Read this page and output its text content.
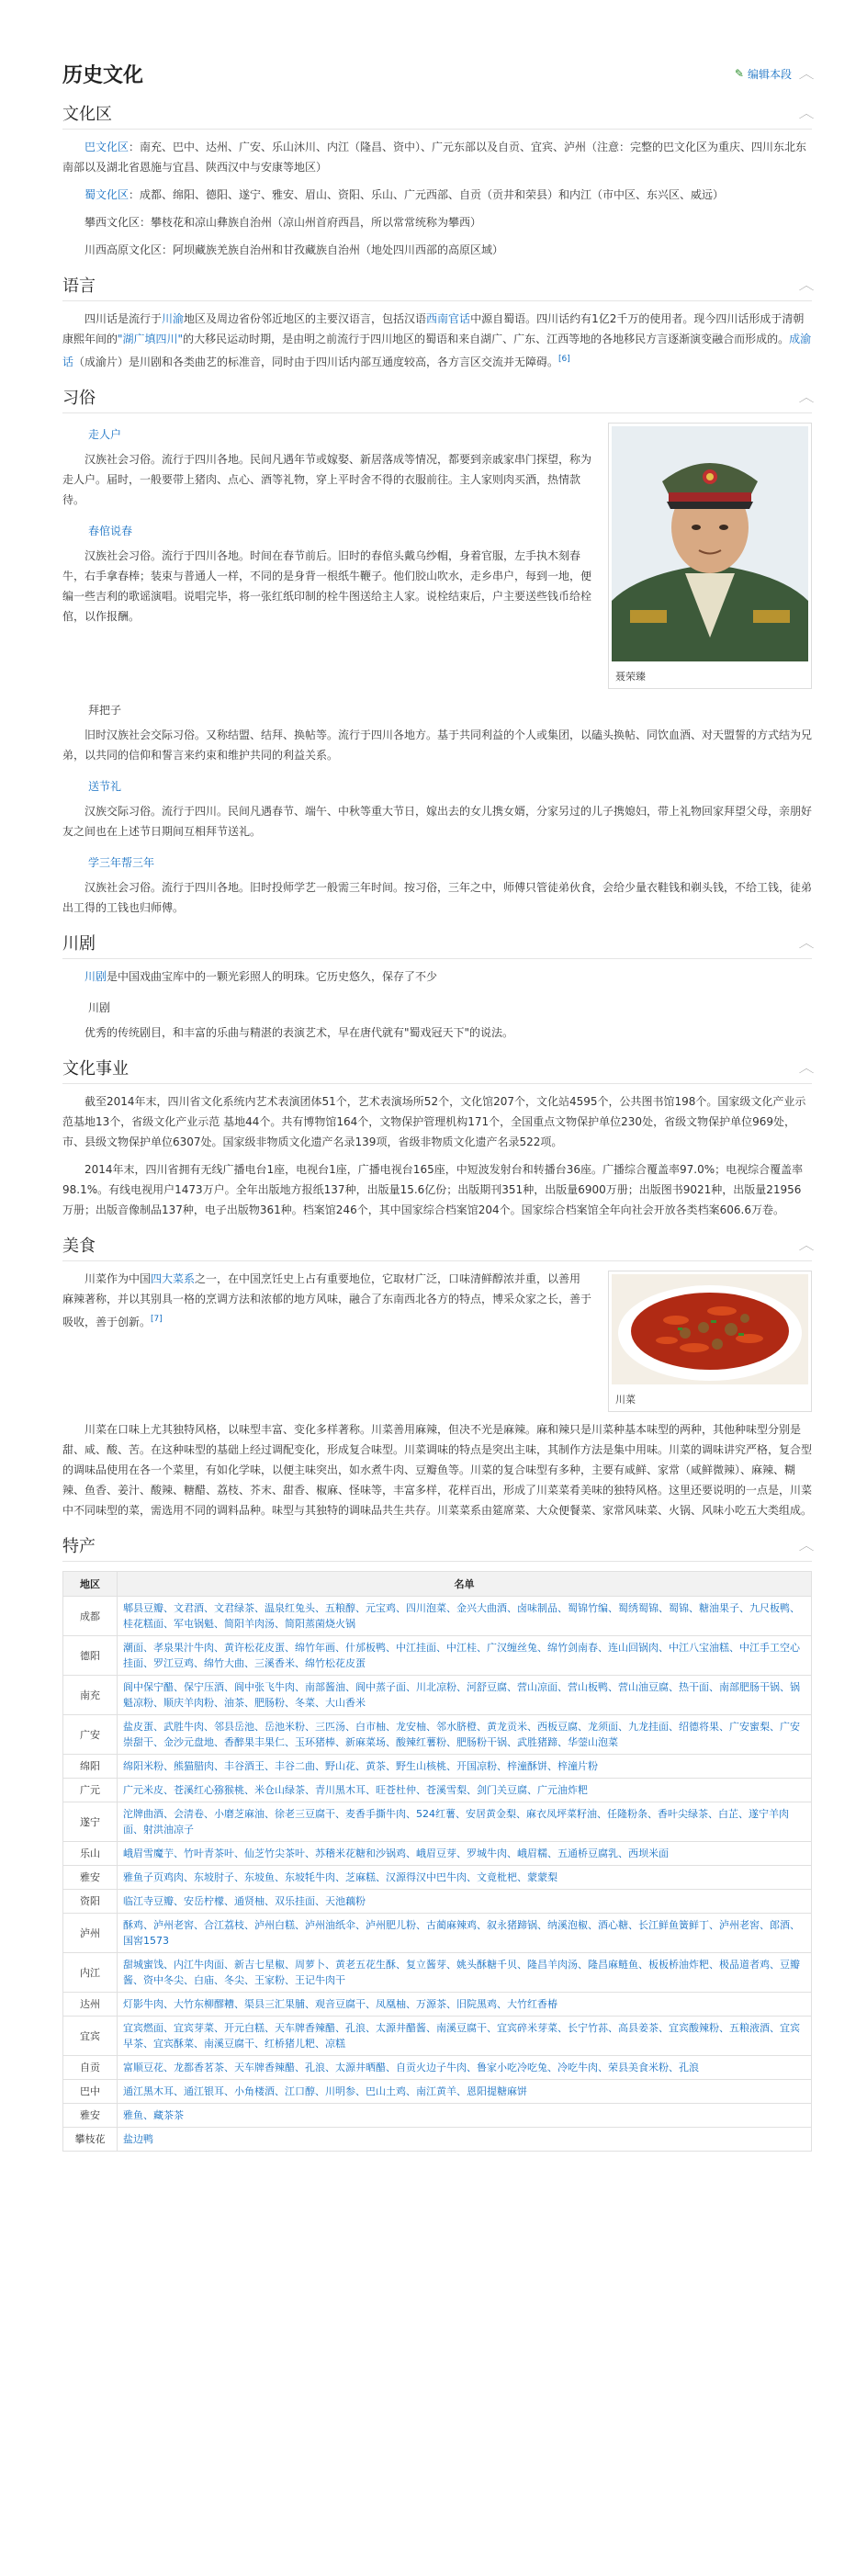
历史文化	✎ 编辑本段 ︿
文化区	︿

巴文化区：南充、巴中、达州、广安、乐山沐川、内江（隆昌、资中）、广元东部以及自贡、宜宾、泸州（注意：完整的巴文化区为重庆、四川东北东南部以及湖北省恩施与宜昌、陕西汉中与安康等地区）

蜀文化区：成都、绵阳、德阳、遂宁、雅安、眉山、资阳、乐山、广元西部、自贡（贡井和荣县）和内江（市中区、东兴区、威远）

攀西文化区：攀枝花和凉山彝族自治州（凉山州首府西昌，所以常常统称为攀西）

川西高原文化区：阿坝藏族羌族自治州和甘孜藏族自治州（地处四川西部的高原区域）

语言	︿

四川话是流行于川渝地区及周边省份邻近地区的主要汉语言，包括汉语西南官话中源自蜀语。四川话约有1亿2千万的使用者。现今四川话形成于清朝康熙年间的"湖广填四川"的大移民运动时期，是由明之前流行于四川地区的蜀语和来自湖广、广东、江西等地的各地移民方言逐渐演变融合而形成的。成渝话（成渝片）是川剧和各类曲艺的标准音，同时由于四川话内部互通度较高，各方言区交流并无障碍。[6]

习俗	︿
走人户

汉族社会习俗。流行于四川各地。民间凡遇年节或嫁娶、新居落成等情况，都要到亲戚家串门探望，称为走人户。届时，一般要带上猪肉、点心、酒等礼物，穿上平时舍不得的衣服前往。主人家则肉买酒，热情款待。

春倌说春

汉族社会习俗。流行于四川各地。时间在春节前后。旧时的春倌头戴乌纱帽，身着官服，左手执木刻春牛，右手拿春棒；装束与普通人一样，不同的是身背一根纸牛鞭子。他们胶山吹水，走乡串户，每到一地，便编一些吉利的歌谣演唱。说唱完毕，将一张红纸印制的栓牛图送给主人家。说栓结束后，户主要送些钱币给栓倌，以作报酬。

聂荣臻
拜把子

旧时汉族社会交际习俗。又称结盟、结拜、换帖等。流行于四川各地方。基于共同利益的个人或集团，以磕头换帖、同饮血酒、对天盟誓的方式结为兄弟，以共同的信仰和誓言来约束和维护共同的利益关系。

送节礼

汉族交际习俗。流行于四川。民间凡遇春节、端午、中秋等重大节日，嫁出去的女儿携女婿，分家另过的儿子携媳妇，带上礼物回家拜望父母，亲朋好友之间也在上述节日期间互相拜节送礼。

学三年帮三年

汉族社会习俗。流行于四川各地。旧时投师学艺一般需三年时间。按习俗，三年之中，师傅只管徒弟伙食，会给少量衣鞋钱和剃头钱，不给工钱，徒弟出工得的工钱也归师傅。

川剧	︿

川剧是中国戏曲宝库中的一颗光彩照人的明珠。它历史悠久，保存了不少

川剧

优秀的传统剧目，和丰富的乐曲与精湛的表演艺术，早在唐代就有"蜀戏冠天下"的说法。

文化事业	︿

截至2014年末，四川省文化系统内艺术表演团体51个，艺术表演场所52个，文化馆207个，文化站4595个，公共图书馆198个。国家级文化产业示范基地13个，省级文化产业示范 基地44个。共有博物馆164个，文物保护管理机构171个，全国重点文物保护单位230处，省级文物保护单位969处，市、县级文物保护单位6307处。国家级非物质文化遗产名录139项，省级非物质文化遗产名录522项。

2014年末，四川省拥有无线广播电台1座，电视台1座，广播电视台165座，中短波发射台和转播台36座。广播综合覆盖率97.0%；电视综合覆盖率98.1%。有线电视用户1473万户。全年出版地方报纸137种，出版量15.6亿份；出版期刊351种，出版量6900万册；出版图书9021种，出版量21956万册；出版音像制品137种，电子出版物361种。档案馆246个，其中国家综合档案馆204个。国家综合档案馆全年向社会开放各类档案606.6万卷。

美食	︿

川菜作为中国四大菜系之一，在中国烹饪史上占有重要地位，它取材广泛，口味清鲜醇浓并重，以善用麻辣著称，并以其别具一格的烹调方法和浓郁的地方风味，融合了东南西北各方的特点，博采众家之长，善于吸收，善于创新。[7]

川菜

川菜在口味上尤其独特风格，以味型丰富、变化多样著称。川菜善用麻辣，但决不光是麻辣。麻和辣只是川菜种基本味型的两种，其他种味型分别是甜、咸、酸、苦。在这种味型的基础上经过调配变化，形成复合味型。川菜调味的特点是突出主味，其制作方法是集中用味。川菜的调味讲究严格，复合型的调味品使用在各一个菜里，有如化学味，以便主味突出，如水煮牛肉、豆瓣鱼等。川菜的复合味型有多种，主要有咸鲜、家常（咸鲜微辣）、麻辣、糊辣、鱼香、姜汁、酸辣、糖醋、荔枝、芥末、甜香、椒麻、怪味等，丰富多样，花样百出，形成了川菜菜肴美味的独特风格。这里还要说明的一点是，川菜中不同味型的菜，需选用不同的调料品种。味型与其独特的调味品共生共存。川菜菜系由筵席菜、大众便餐菜、家常风味菜、火锅、风味小吃五大类组成。

特产	︿
地区	名单
成都	郫县豆瓣、文君酒、文君绿茶、温泉红兔头、五粮醇、元宝鸡、四川泡菜、金兴大曲酒、卤味制品、蜀锦竹编、蜀绣蜀锦、蜀锦、糖油果子、九尺板鸭、桂花糕面、军屯锅魁、简阳羊肉汤、简阳蒸菌烧火锅
德阳	潮面、孝泉果汁牛肉、黄许松花皮蛋、绵竹年画、什邡板鸭、中江挂面、中江桂、广汉缠丝兔、绵竹剑南春、连山回锅肉、中江八宝油糕、中江手工空心挂面、罗江豆鸡、绵竹大曲、三溪香米、绵竹松花皮蛋
南充	阆中保宁醋、保宁压酒、阆中张飞牛肉、南部酱油、阆中蒸子面、川北凉粉、河舒豆腐、营山凉面、营山板鸭、营山油豆腐、热干面、南部肥肠干锅、锅魁凉粉、顺庆羊肉粉、油茶、肥肠粉、冬菜、大山香米
广安	盐皮蛋、武胜牛肉、邻县岳池、岳池米粉、三匹汤、白市柚、龙安柚、邻水脐橙、黄龙贡米、西板豆腐、龙须面、九龙挂面、绍德将果、广安蜜梨、广安崇甜干、金沙元盘地、香醉果丰果仁、玉环猪棒、新麻菜场、酸辣红薯粉、肥肠粉干锅、武胜猪蹄、华蓥山泡菜
绵阳	绵阳米粉、熊猫腊肉、丰谷酒王、丰谷二曲、野山花、黄茶、野生山核桃、开国凉粉、梓潼酥饼、梓潼片粉
广元	广元米皮、苍溪红心猕猴桃、米仓山绿茶、青川黑木耳、旺苍杜仲、苍溪雪梨、剑门关豆腐、广元油炸粑
遂宁	沱牌曲酒、会清卷、小磨芝麻油、徐老三豆腐干、麦香手撕牛肉、524红薯、安居黄金梨、麻衣凤坪菜籽油、任隆粉条、香叶尖绿茶、白芷、遂宁羊肉面、射洪油凉子
乐山	峨眉雪魔芋、竹叶青茶叶、仙芝竹尖茶叶、苏稽米花糖和沙锅鸡、峨眉豆芽、罗城牛肉、峨眉糯、五通桥豆腐乳、西坝米面
雅安	雅鱼子页鸡肉、东坡肘子、东坡鱼、东坡牦牛肉、芝麻糕、汉源得汉中巴牛肉、文竟枇杷、蒙蒙梨
资阳	临江寺豆瓣、安岳柠檬、通贤柚、双乐挂面、天池藕粉
泸州	酥鸡、泸州老窖、合江荔枝、泸州白糕、泸州油纸伞、泸州肥儿粉、古蔺麻辣鸡、叙永猪蹄锅、纳溪泡椒、酒心糖、长江鲜鱼簧鲜丁、泸州老窖、郎酒、国窖1573
内江	甜城蜜饯、内江牛肉面、新吉七星椒、周萝卜、黄老五花生酥、复立酱芽、姚头酥糖千贝、隆昌羊肉汤、隆昌麻鲢鱼、板板桥油炸粑、极品道者鸡、豆瓣酱、资中冬尖、白庙、冬尖、王家粉、王记牛肉干
达州	灯影牛肉、大竹东柳醪糟、渠县三汇果脯、观音豆腐干、凤凰柚、万源茶、旧院黑鸡、大竹红香椿
宜宾	宜宾燃面、宜宾芽菜、开元白糕、天车牌香辣醋、孔浪、太源井醋酱、南溪豆腐干、宜宾碎米芽菜、长宁竹荪、高县姜茶、宜宾酸辣粉、五粮液酒、宜宾早茶、宜宾酥菜、南溪豆腐干、红桥猪儿粑、凉糕
自贡	富顺豆花、龙都香茗茶、天车牌香辣醋、孔浪、太源井晒醋、自贡火边子牛肉、鲁家小吃冷吃兔、冷吃牛肉、荣县美食米粉、孔浪
巴中	通江黑木耳、通江银耳、小角楼酒、江口醇、川明参、巴山土鸡、南江黄羊、恩阳提糖麻饼
雅安	雅鱼、藏茶茶
攀枝花	盐边鸭
